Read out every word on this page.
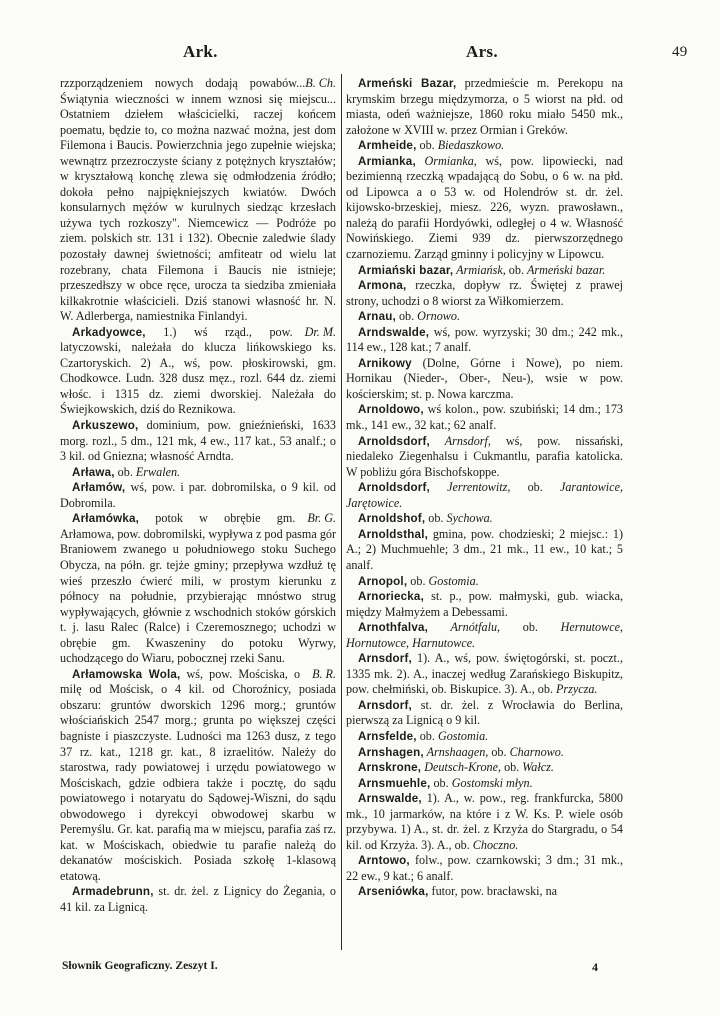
Ark.	Ars.	49

B. Ch.
rzzporządzeniem nowych dodają powabów... Świątynia wieczności w innem wznosi się miejscu... Ostatniem dziełem właścicielki, raczej końcem poematu, będzie to, co można nazwać można, jest dom Filemona i Baucis. Powierzchnia jego zupełnie wiejska; wewnątrz przezroczyste ściany z potężnych kryształów; w kryształową konchę zlewa się odmłodzenia źródło; dokoła pełno najpiękniejszych kwiatów. Dwóch konsularnych mężów w kurulnych siedząc krzesłach używa tych rozkoszy". Niemcewicz — Podróże po ziem. polskich str. 131 i 132). Obecnie zaledwie ślady pozostały dawnej świetności; amfiteatr od wielu lat rozebrany, chata Filemona i Baucis nie istnieje; przeszedłszy w obce ręce, urocza ta siedziba zmieniała kilkakrotnie właścicieli. Dziś stanowi własność hr. N. W. Adlerberga, namiestnika Finlandyi.

Dr. M.
Arkadyowce, 1.) wś rząd., pow. latyczowski, należała do klucza lińkowskiego ks. Czartoryskich. 2) A., wś, pow. płoskirowski, gm. Chodkowce. Ludn. 328 dusz męz., rozl. 644 dz. ziemi włośc. i 1315 dz. ziemi dworskiej. Należała do Świejkowskich, dziś do Reznikowa.

Arkuszewo, dominium, pow. gnieźnieński, 1633 morg. rozl., 5 dm., 121 mk, 4 ew., 117 kat., 53 analf.; o 3 kil. od Gniezna; własność Arndta.

Arława, ob. Erwalen.

Arłamów, wś, pow. i par. dobromilska, o 9 kil. od Dobromila.

Br. G.
Arłamówka, potok w obrębie gm. Arłamowa, pow. dobromilski, wypływa z pod pasma gór Braniowem zwanego u południowego stoku Suchego Obycza, na półn. gr. tejże gminy; przepływa wzdłuż tę wieś przeszło ćwierć mili, w prostym kierunku z północy na południe, przybierając mnóstwo strug wypływających, głównie z wschodnich stoków górskich t. j. lasu Ralec (Ralce) i Czeremosznego; uchodzi w obrębie gm. Kwaszeniny do potoku Wyrwy, uchodzącego do Wiaru, pobocznej rzeki Sanu.

B. R.
Arłamowska Wola, wś, pow. Mościska, o milę od Mościsk, o 4 kil. od Choroźnicy, posiada obszaru: gruntów dworskich 1296 morg.; gruntów włościańskich 2547 morg.; grunta po większej części bagniste i piaszczyste. Ludności ma 1263 dusz, z tego 37 rz. kat., 1218 gr. kat., 8 izraelitów. Należy do starostwa, rady powiatowej i urzędu powiatowego w Mościskach, gdzie odbiera także i pocztę, do sądu powiatowego i notaryatu do Sądowej-Wiszni, do sądu obwodowego i dyrekcyi obwodowej skarbu w Peremyślu. Gr. kat. parafią ma w miejscu, parafia zaś rz. kat. w Mościskach, obiedwie tu parafie należą do dekanatów mościskich. Posiada szkołę 1-klasową etatową.

Armadebrunn, st. dr. żel. z Lignicy do Żegania, o 41 kil. za Lignicą.

Armeński Bazar, przedmieście m. Perekopu na krymskim brzegu międzymorza, o 5 wiorst na płd. od miasta, odeń ważniejsze, 1860 roku miało 5450 mk., założone w XVIII w. przez Ormian i Greków.

Armheide, ob. Biedaszkowo.

Armianka, Ormianka, wś, pow. lipowiecki, nad bezimienną rzeczką wpadającą do Sobu, o 6 w. na płd. od Lipowca a o 53 w. od Holendrów st. dr. żel. kijowsko-brzeskiej, miesz. 226, wyzn. prawosławn., należą do parafii Hordyówki, odległej o 4 w. Własność Nowińskiego. Ziemi 939 dz. pierwszorzędnego czarnoziemu. Zarząd gminny i policyjny w Lipowcu.

Armiański bazar, Armiańsk, ob. Armeński bazar.

Armona, rzeczka, dopływ rz. Świętej z prawej strony, uchodzi o 8 wiorst za Wiłkomierzem.

Arnau, ob. Ornowo.

Arndswalde, wś, pow. wyrzyski; 30 dm.; 242 mk., 114 ew., 128 kat.; 7 analf.

Arnikowy (Dolne, Górne i Nowe), po niem. Hornikau (Nieder-, Ober-, Neu-), wsie w pow. kościerskim; st. p. Nowa karczma.

Arnoldowo, wś kolon., pow. szubiński; 14 dm.; 173 mk., 141 ew., 32 kat.; 62 analf.

Arnoldsdorf, Arnsdorf, wś, pow. nissański, niedaleko Ziegenhalsu i Cukmantlu, parafia katolicka. W pobliżu góra Bischofskoppe.

Arnoldsdorf, Jerrentowitz, ob. Jarantowice, Jarętowice.

Arnoldshof, ob. Sychowa.

Arnoldsthal, gmina, pow. chodzieski; 2 miejsc.: 1) A.; 2) Muchmuehle; 3 dm., 21 mk., 11 ew., 10 kat.; 5 analf.

Arnopol, ob. Gostomia.

Arnoriecka, st. p., pow. małmyski, gub. wiacka, między Małmyżem a Debessami.

Arnothfalva, Arnótfalu, ob. Hernutowce, Hornutowce, Harnutowce.

Arnsdorf, 1). A., wś, pow. świętogórski, st. poczt., 1335 mk. 2). A., inaczej według Zarańskiego Biskupitz, pow. chełmiński, ob. Biskupice. 3). A., ob. Przycza.

Arnsdorf, st. dr. żel. z Wrocławia do Berlina, pierwszą za Lignicą o 9 kil.

Arnsfelde, ob. Gostomia.

Arnshagen, Arnshaagen, ob. Charnowo.

Arnskrone, Deutsch-Krone, ob. Wałcz.

Arnsmuehle, ob. Gostomski młyn.

Arnswalde, 1). A., w. pow., reg. frankfurcka, 5800 mk., 10 jarmarków, na które i z W. Ks. P. wiele osób przybywa. 1) A., st. dr. żel. z Krzyża do Stargradu, o 54 kil. od Krzyża. 3). A., ob. Choczno.

Arntowo, folw., pow. czarnkowski; 3 dm.; 31 mk., 22 ew., 9 kat.; 6 analf.

Arseniówka, futor, pow. bracławski, na

Słownik Geograficzny. Zeszyt I.	4
